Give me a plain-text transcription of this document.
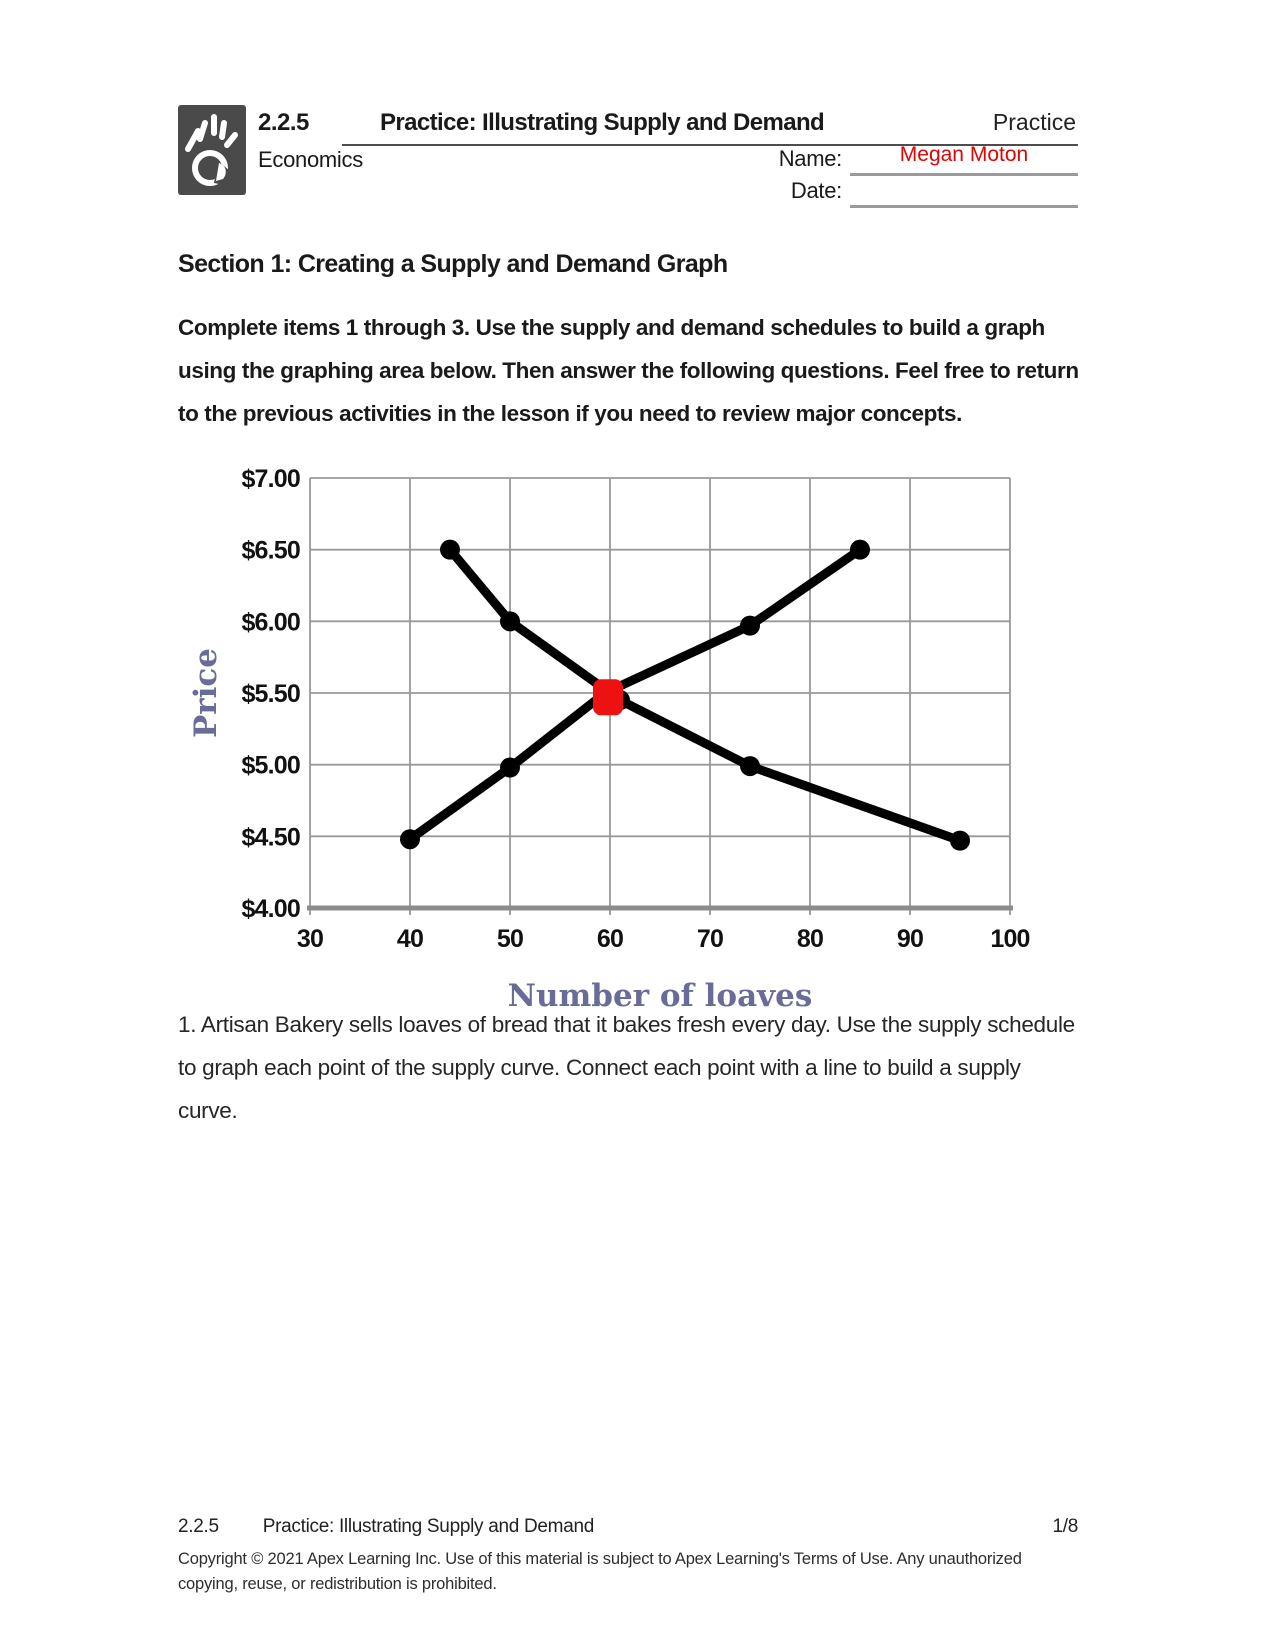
2.2.5	Practice: Illustrating Supply and Demand	Practice
Economics	Name:	Megan Moton
Date:
Section 1: Creating a Supply and Demand Graph
Complete items 1 through 3. Use the supply and demand schedules to build a graph using the graphing area below. Then answer the following questions. Feel free to return to the previous activities in the lesson if you need to review major concepts.
$4.00
$4.50
$5.00
$5.50
$6.00
$6.50
$7.00
30	40	50	60	70	80	90	100
Price
Number of loaves
1. Artisan Bakery sells loaves of bread that it bakes fresh every day. Use the supply schedule to graph each point of the supply curve. Connect each point with a line to build a supply curve.
2.2.5 Practice: Illustrating Supply and Demand	1/8
Copyright © 2021 Apex Learning Inc. Use of this material is subject to Apex Learning's Terms of Use. Any unauthorized copying, reuse, or redistribution is prohibited.
